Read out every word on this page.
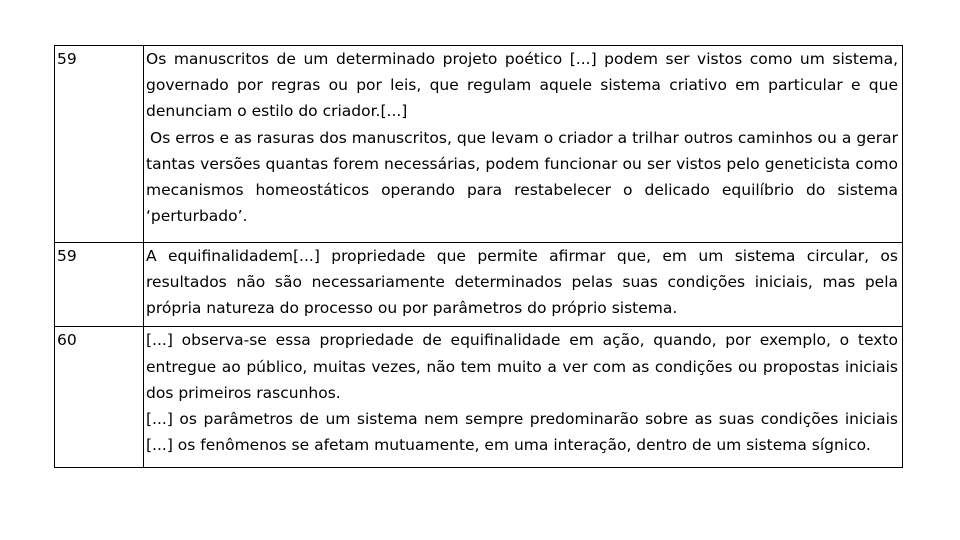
59	Os manuscritos de um determinado projeto poético [...] podem ser vistos como um sistema, governado por regras ou por leis, que regulam aquele sistema criativo em particular e que denunciam o estilo do criador.[...]

Os erros e as rasuras dos manuscritos, que levam o criador a trilhar outros caminhos ou a gerar tantas versões quantas forem necessárias, podem funcionar ou ser vistos pelo geneticista como mecanismos homeostáticos operando para restabelecer o delicado equilíbrio do sistema ‘perturbado’.

59	A equifinalidadem[...] propriedade que permite afirmar que, em um sistema circular, os resultados não são necessariamente determinados pelas suas condições iniciais, mas pela própria natureza do processo ou por parâmetros do próprio sistema.

60	[...] observa-se essa propriedade de equifinalidade em ação, quando, por exemplo, o texto entregue ao público, muitas vezes, não tem muito a ver com as condições ou propostas iniciais dos primeiros rascunhos.

[...] os parâmetros de um sistema nem sempre predominarão sobre as suas condições iniciais [...] os fenômenos se afetam mutuamente, em uma interação, dentro de um sistema sígnico.
